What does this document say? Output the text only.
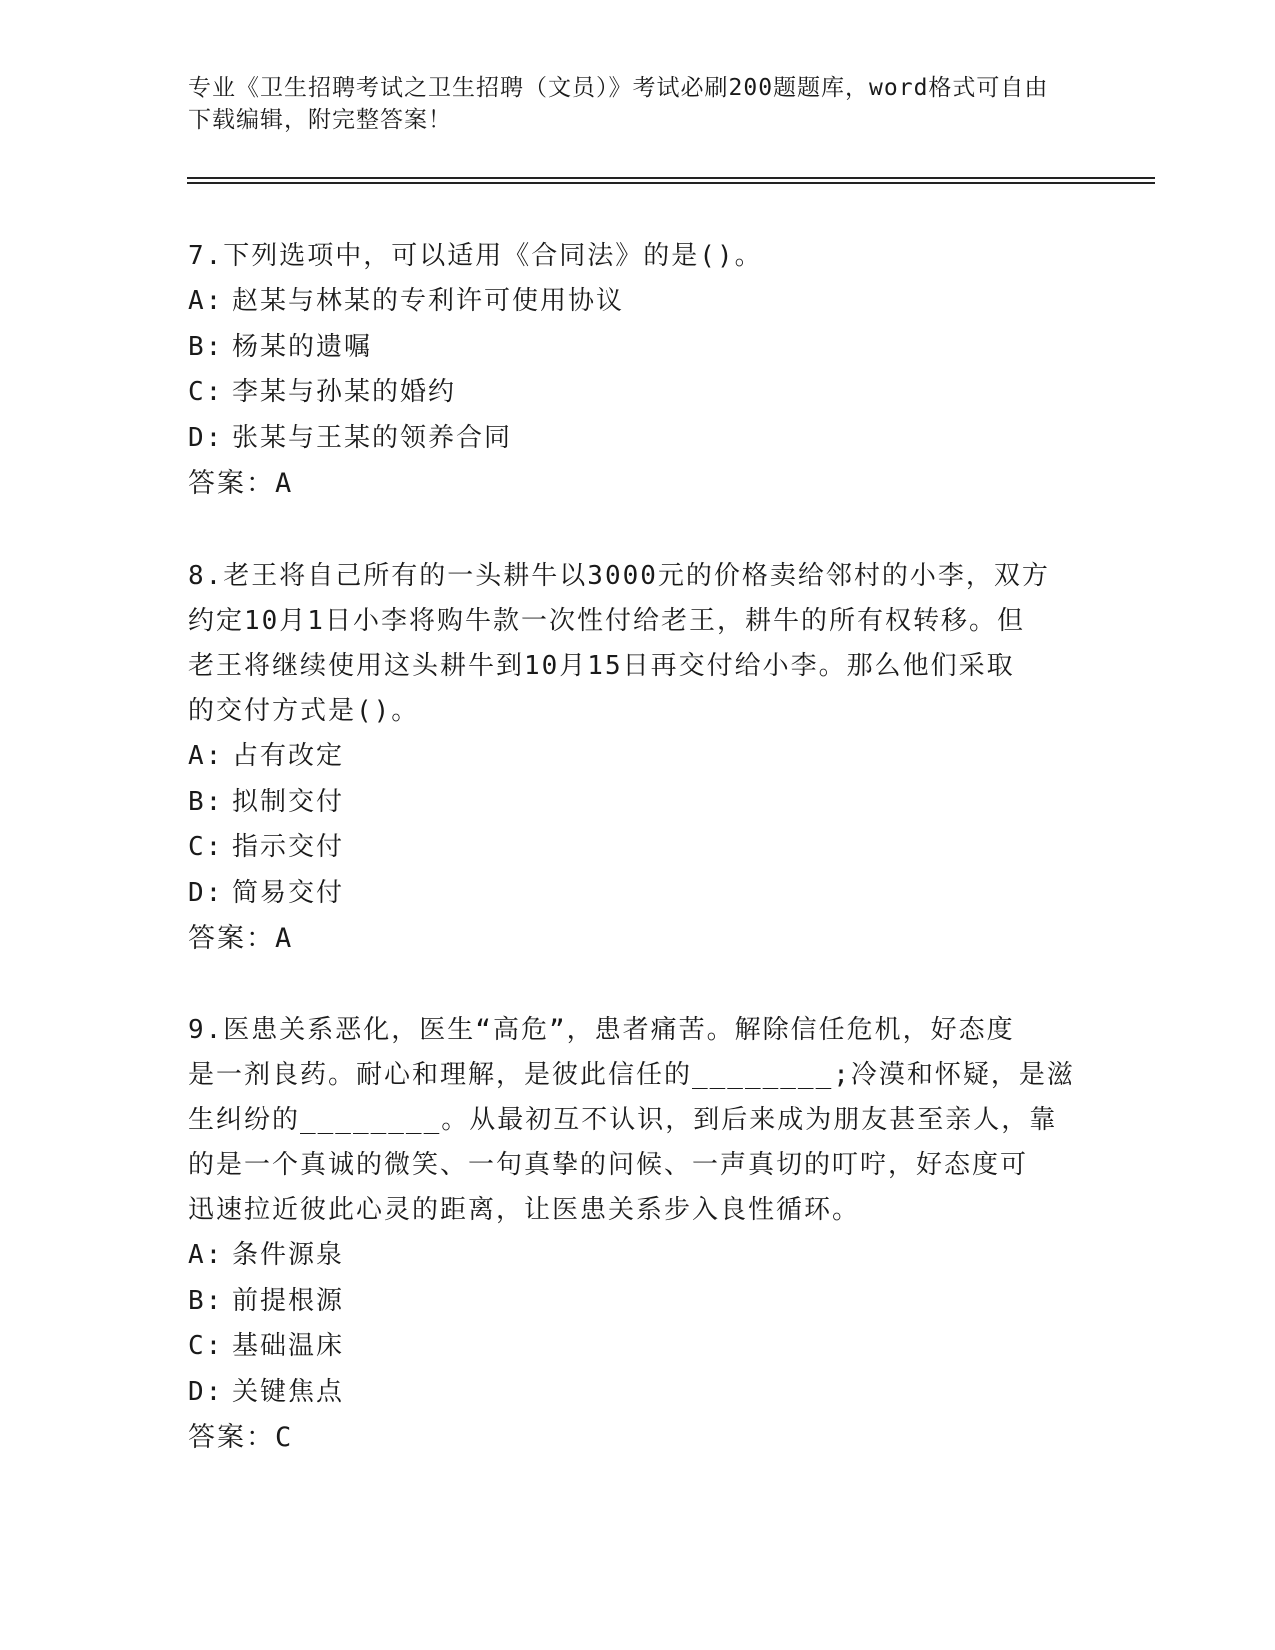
专业《卫生招聘考试之卫生招聘（文员）》考试必刷200题题库，word格式可自由下载编辑，附完整答案！

7.下列选项中，可以适用《合同法》的是()。

A: 赵某与林某的专利许可使用协议

B: 杨某的遗嘱

C: 李某与孙某的婚约

D: 张某与王某的领养合同

答案：A

8.老王将自己所有的一头耕牛以3000元的价格卖给邻村的小李，双方

约定10月1日小李将购牛款一次性付给老王，耕牛的所有权转移。但

老王将继续使用这头耕牛到10月15日再交付给小李。那么他们采取

的交付方式是()。

A: 占有改定

B: 拟制交付

C: 指示交付

D: 简易交付

答案：A

9.医患关系恶化，医生“高危”，患者痛苦。解除信任危机，好态度

是一剂良药。耐心和理解，是彼此信任的________;冷漠和怀疑，是滋

生纠纷的________。从最初互不认识，到后来成为朋友甚至亲人，靠

的是一个真诚的微笑、一句真挚的问候、一声真切的叮咛，好态度可

迅速拉近彼此心灵的距离，让医患关系步入良性循环。

A: 条件源泉

B: 前提根源

C: 基础温床

D: 关键焦点

答案：C
